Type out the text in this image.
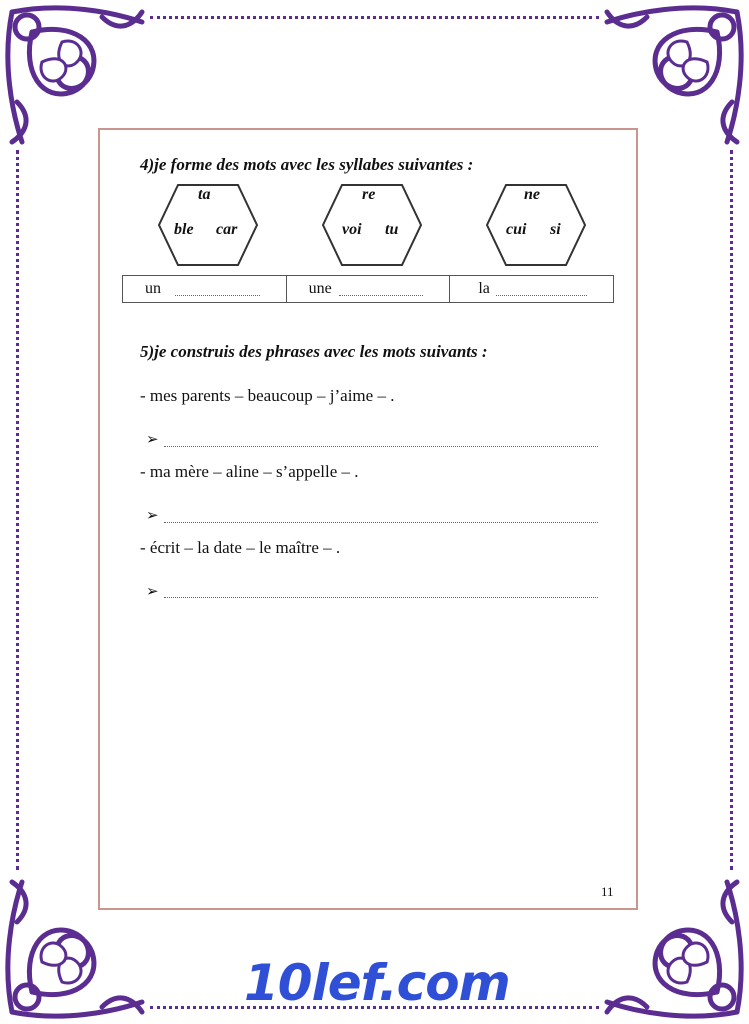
4)je forme des mots avec les syllabes suivantes :
ta
ble car
re
voi tu
ne
cui si
un	une	la
5)je construis des phrases avec les mots suivants :
- mes parents – beaucoup – j’aime – .
➢
- ma mère – aline – s’appelle – .
➢
- écrit – la date – le maître – .
➢
11
10lef.com
